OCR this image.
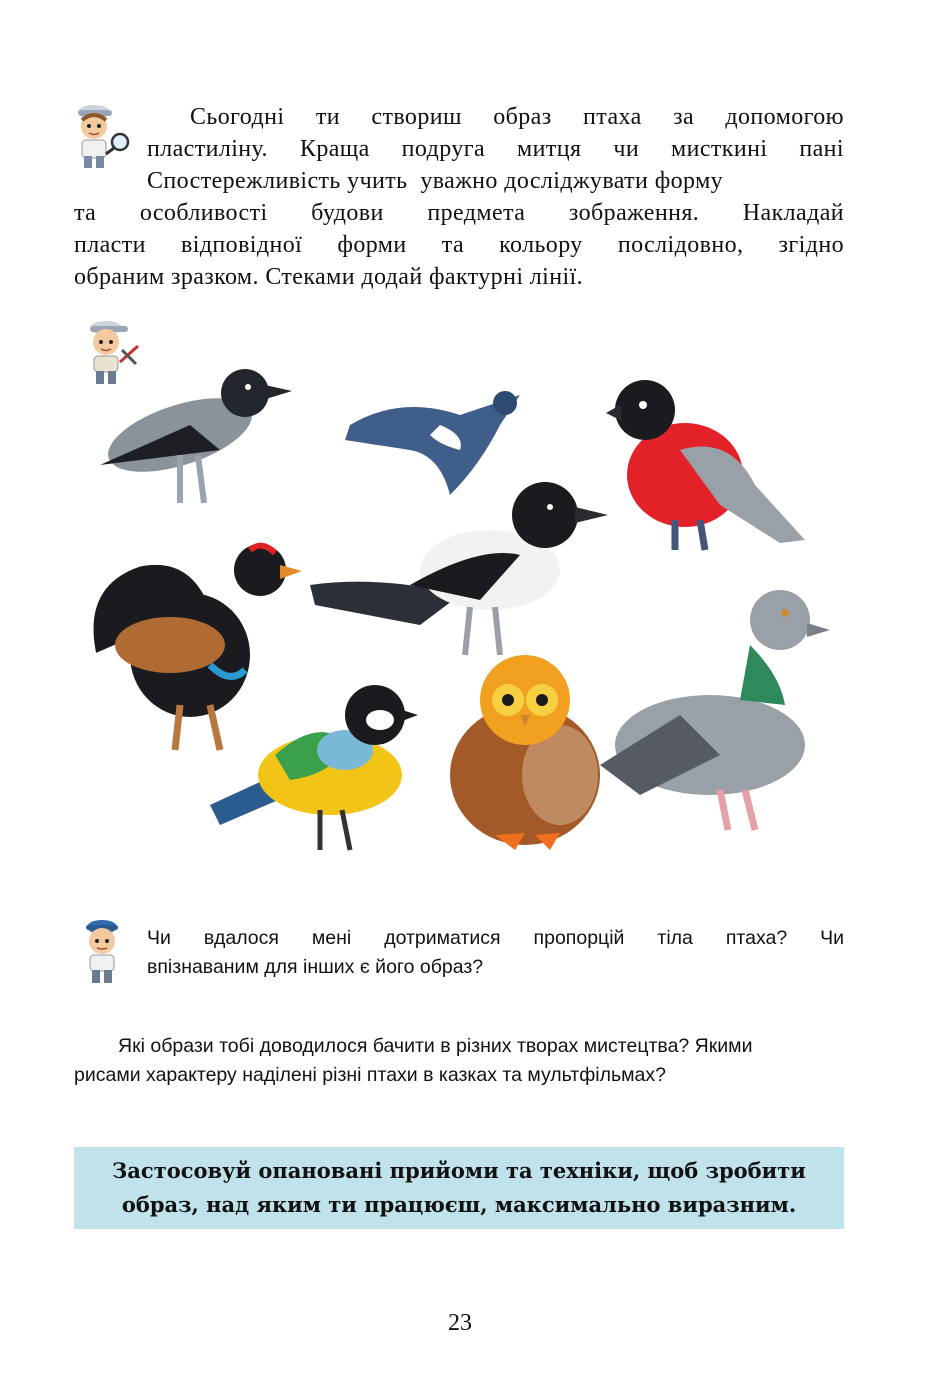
Сьогодні ти створиш образ птаха за допомогою
пластиліну. Краща подруга митця чи мисткині пані
Спостережливість учить  уважно досліджувати форму
та особливості будови предмета зображення. Накладай
пласти відповідної форми та кольору послідовно, згідно
обраним зразком. Стеками додай фактурні лінії.
Чи вдалося мені дотриматися пропорцій тіла птаха? Чи
впізнаваним для інших є його образ?
Які образи тобі доводилося бачити в різних творах мистецтва? Якими
рисами характеру наділені різні птахи в казках та мультфільмах?
Застосовуй опановані прийоми та техніки, щоб зробити
образ, над яким ти працюєш, максимально виразним.
23
